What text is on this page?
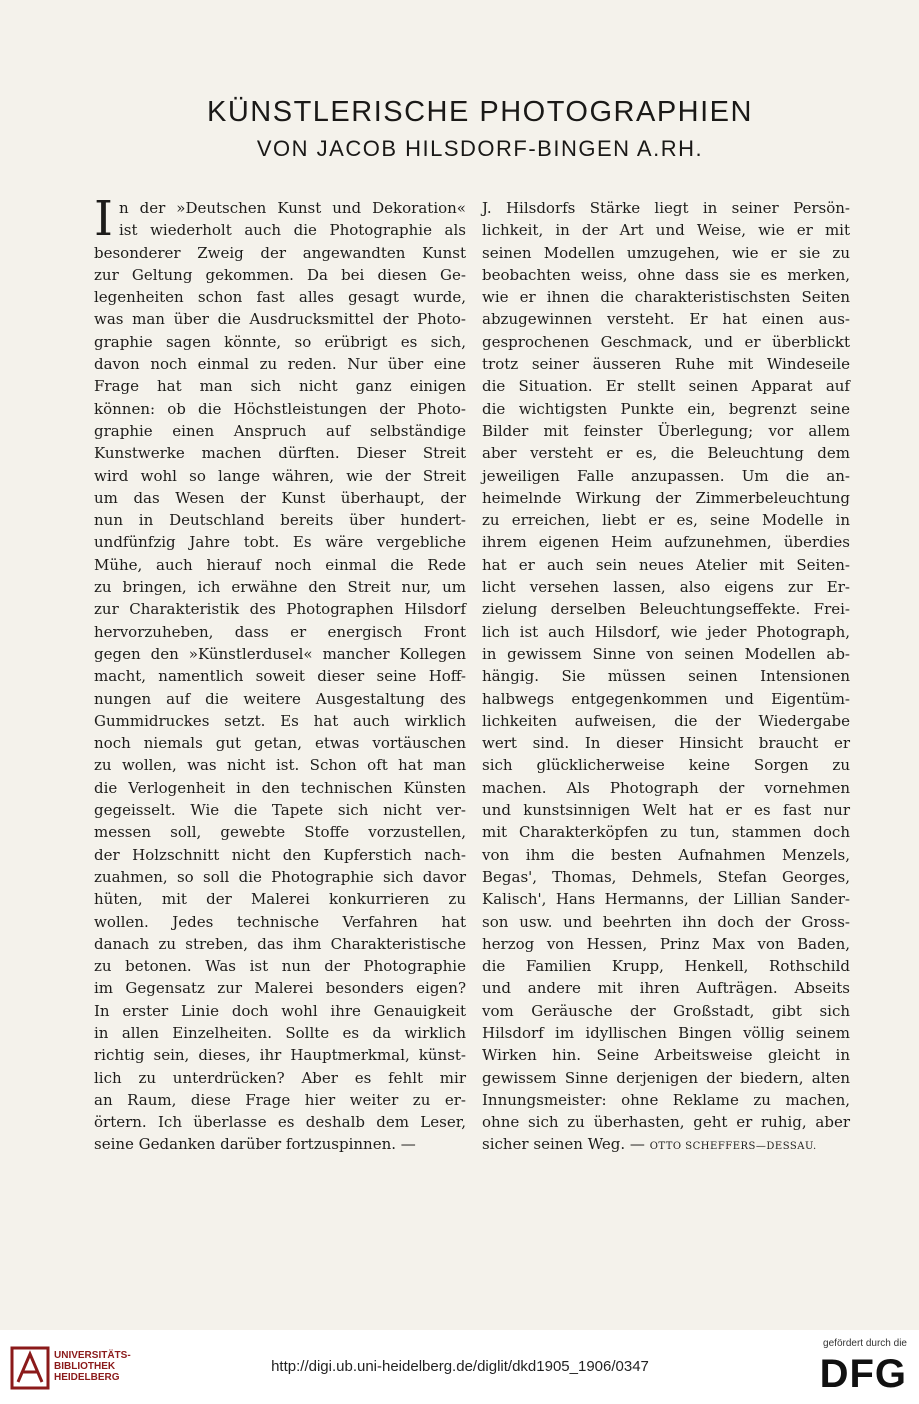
KÜNSTLERISCHE PHOTOGRAPHIEN
VON JACOB HILSDORF-BINGEN A.RH.
I n der »Deutschen Kunst und Dekoration«
ist wiederholt auch die Photographie als
besonderer Zweig der angewandten Kunst
zur Geltung gekommen. Da bei diesen Ge-
legenheiten schon fast alles gesagt wurde,
was man über die Ausdrucksmittel der Photo-
graphie sagen könnte, so erübrigt es sich,
davon noch einmal zu reden. Nur über eine
Frage hat man sich nicht ganz einigen
können: ob die Höchstleistungen der Photo-
graphie einen Anspruch auf selbständige
Kunstwerke machen dürften. Dieser Streit
wird wohl so lange währen, wie der Streit
um das Wesen der Kunst überhaupt, der
nun in Deutschland bereits über hundert-
undfünfzig Jahre tobt. Es wäre vergebliche
Mühe, auch hierauf noch einmal die Rede
zu bringen, ich erwähne den Streit nur, um
zur Charakteristik des Photographen Hilsdorf
hervorzuheben, dass er energisch Front
gegen den »Künstlerdusel« mancher Kollegen
macht, namentlich soweit dieser seine Hoff-
nungen auf die weitere Ausgestaltung des
Gummidruckes setzt. Es hat auch wirklich
noch niemals gut getan, etwas vortäuschen
zu wollen, was nicht ist. Schon oft hat man
die Verlogenheit in den technischen Künsten
gegeisselt. Wie die Tapete sich nicht ver-
messen soll, gewebte Stoffe vorzustellen,
der Holzschnitt nicht den Kupferstich nach-
zuahmen, so soll die Photographie sich davor
hüten, mit der Malerei konkurrieren zu
wollen. Jedes technische Verfahren hat
danach zu streben, das ihm Charakteristische
zu betonen. Was ist nun der Photographie
im Gegensatz zur Malerei besonders eigen?
In erster Linie doch wohl ihre Genauigkeit
in allen Einzelheiten. Sollte es da wirklich
richtig sein, dieses, ihr Hauptmerkmal, künst-
lich zu unterdrücken? Aber es fehlt mir
an Raum, diese Frage hier weiter zu er-
örtern. Ich überlasse es deshalb dem Leser,
seine Gedanken darüber fortzuspinnen. —
J. Hilsdorfs Stärke liegt in seiner Persön-
lichkeit, in der Art und Weise, wie er mit
seinen Modellen umzugehen, wie er sie zu
beobachten weiss, ohne dass sie es merken,
wie er ihnen die charakteristischsten Seiten
abzugewinnen versteht. Er hat einen aus-
gesprochenen Geschmack, und er überblickt
trotz seiner äusseren Ruhe mit Windeseile
die Situation. Er stellt seinen Apparat auf
die wichtigsten Punkte ein, begrenzt seine
Bilder mit feinster Überlegung; vor allem
aber versteht er es, die Beleuchtung dem
jeweiligen Falle anzupassen. Um die an-
heimelnde Wirkung der Zimmerbeleuchtung
zu erreichen, liebt er es, seine Modelle in
ihrem eigenen Heim aufzunehmen, überdies
hat er auch sein neues Atelier mit Seiten-
licht versehen lassen, also eigens zur Er-
zielung derselben Beleuchtungseffekte. Frei-
lich ist auch Hilsdorf, wie jeder Photograph,
in gewissem Sinne von seinen Modellen ab-
hängig. Sie müssen seinen Intensionen
halbwegs entgegenkommen und Eigentüm-
lichkeiten aufweisen, die der Wiedergabe
wert sind. In dieser Hinsicht braucht er
sich glücklicherweise keine Sorgen zu
machen. Als Photograph der vornehmen
und kunstsinnigen Welt hat er es fast nur
mit Charakterköpfen zu tun, stammen doch
von ihm die besten Aufnahmen Menzels,
Begas', Thomas, Dehmels, Stefan Georges,
Kalisch', Hans Hermanns, der Lillian Sander-
son usw. und beehrten ihn doch der Gross-
herzog von Hessen, Prinz Max von Baden,
die Familien Krupp, Henkell, Rothschild
und andere mit ihren Aufträgen. Abseits
vom Geräusche der Großstadt, gibt sich
Hilsdorf im idyllischen Bingen völlig seinem
Wirken hin. Seine Arbeitsweise gleicht in
gewissem Sinne derjenigen der biedern, alten
Innungsmeister: ohne Reklame zu machen,
ohne sich zu überhasten, geht er ruhig, aber
sicher seinen Weg. — OTTO SCHEFFERS—DESSAU.
UNIVERSITÄTS-
BIBLIOTHEK
HEIDELBERG
http://digi.ub.uni-heidelberg.de/diglit/dkd1905_1906/0347
gefördert durch die
DFG
